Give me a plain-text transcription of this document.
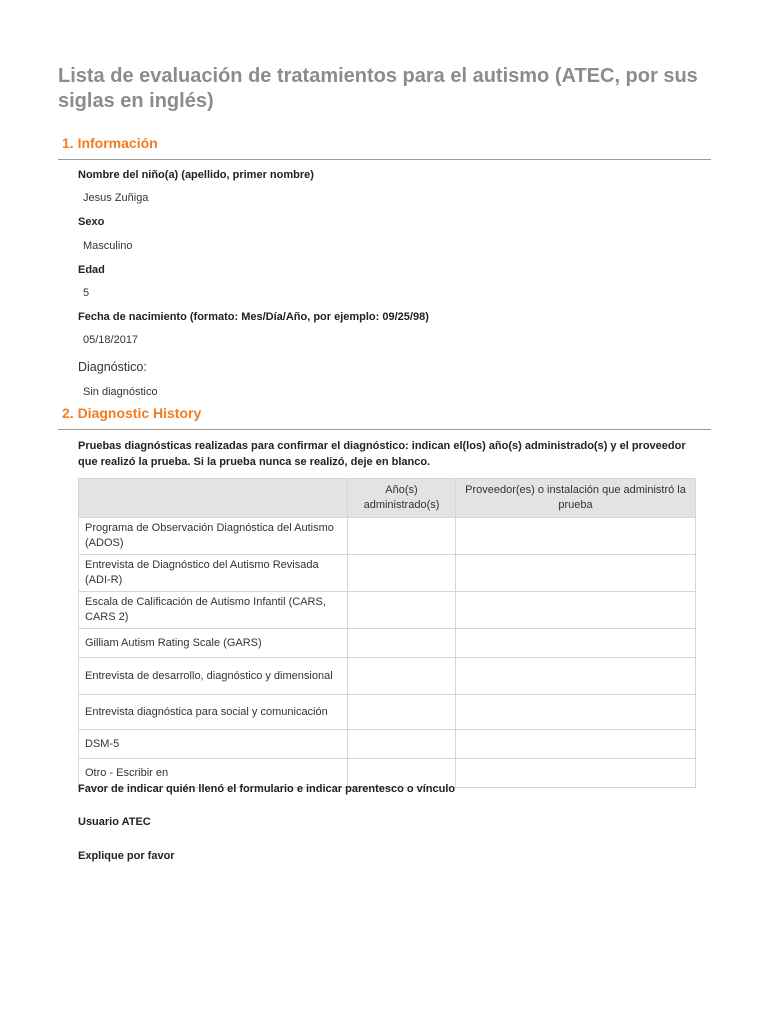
Lista de evaluación de tratamientos para el autismo (ATEC, por sus siglas en inglés)
1. Información
Nombre del niño(a) (apellido, primer nombre)
Jesus Zuñiga
Sexo
Masculino
Edad
5
Fecha de nacimiento (formato: Mes/Día/Año, por ejemplo: 09/25/98)
05/18/2017
Diagnóstico:
Sin diagnóstico
2. Diagnostic History
Pruebas diagnósticas realizadas para confirmar el diagnóstico: indican el(los) año(s) administrado(s) y el proveedor que realizó la prueba. Si la prueba nunca se realizó, deje en blanco.
	Año(s) administrado(s)	Proveedor(es) o instalación que administró la prueba
Programa de Observación Diagnóstica del Autismo (ADOS)		
Entrevista de Diagnóstico del Autismo Revisada (ADI-R)		
Escala de Calificación de Autismo Infantil (CARS, CARS 2)		
Gilliam Autism Rating Scale (GARS)		
Entrevista de desarrollo, diagnóstico y dimensional		
Entrevista diagnóstica para social y comunicación		
DSM-5		
Otro - Escribir en		
Favor de indicar quién llenó el formulario e indicar parentesco o vínculo
Usuario ATEC
Explique por favor
